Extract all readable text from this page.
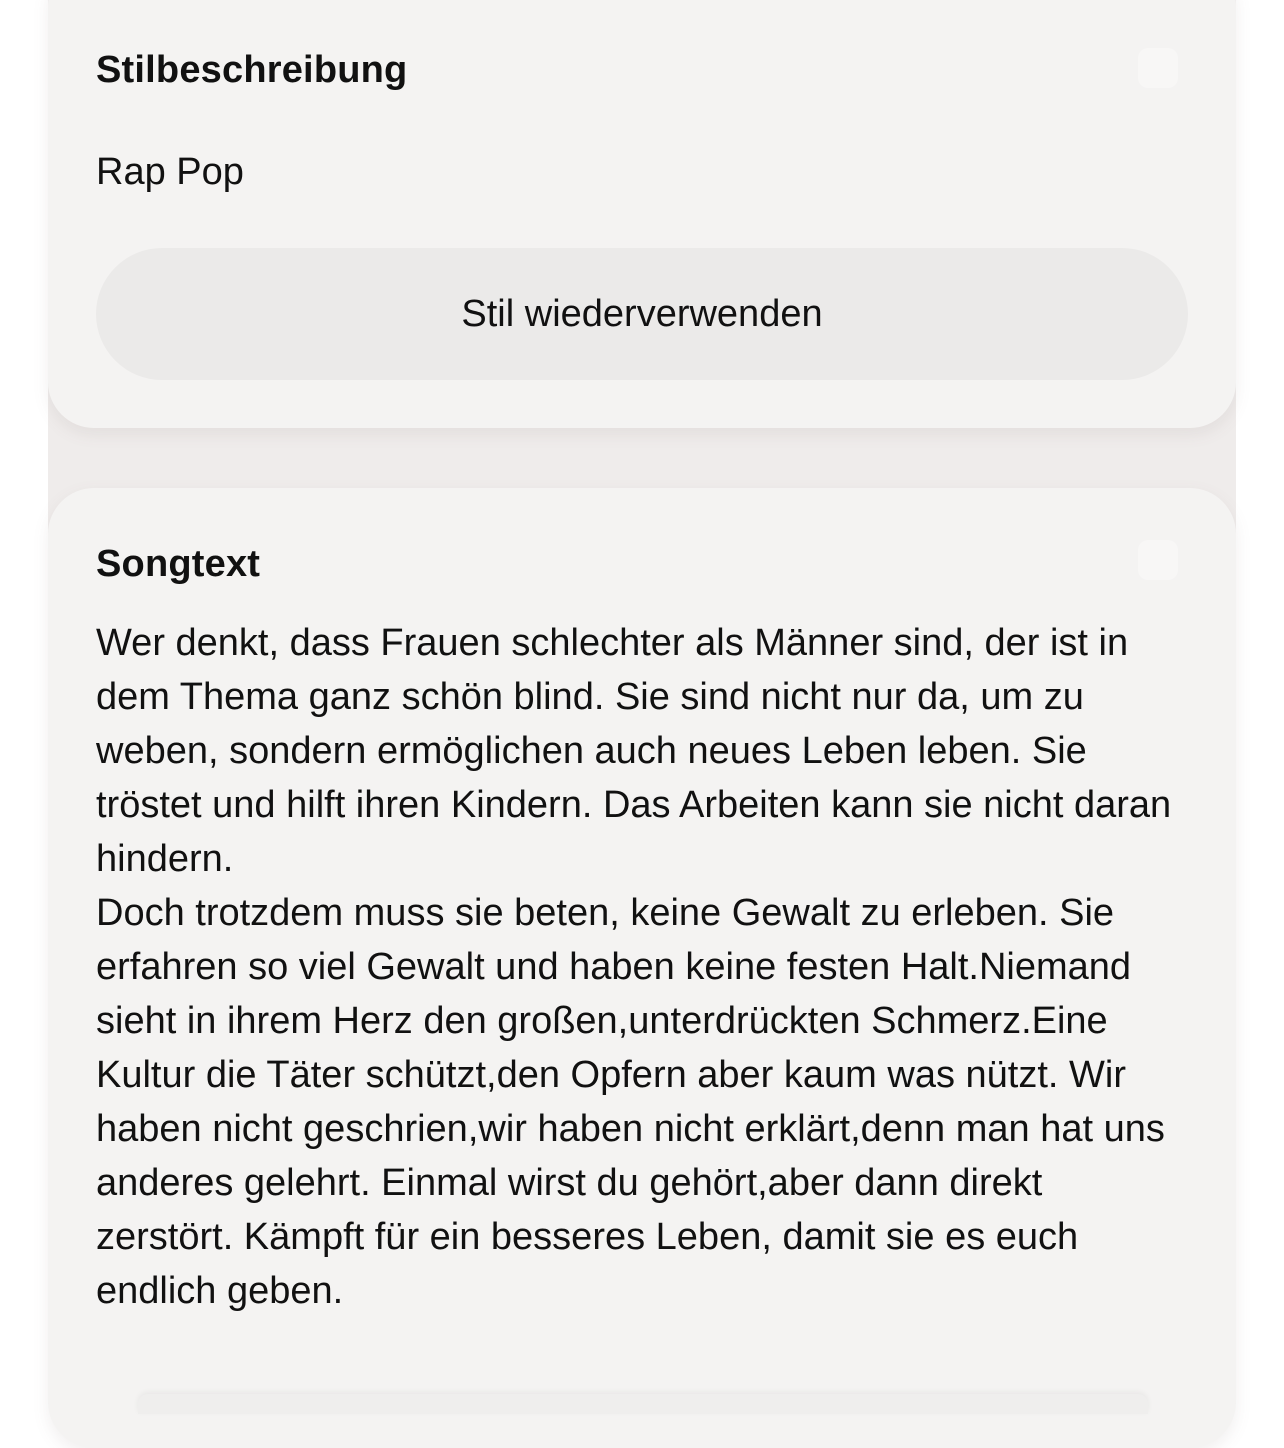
Stilbeschreibung
Rap Pop
Stil wiederverwenden
Songtext

Wer denkt, dass Frauen schlechter als Männer sind, der ist in dem Thema ganz schön blind. Sie sind nicht nur da, um zu weben, sondern ermöglichen auch neues Leben leben. Sie tröstet und hilft ihren Kindern. Das Arbeiten kann sie nicht daran hindern.
Doch trotzdem muss sie beten, keine Gewalt zu erleben. Sie erfahren so viel Gewalt und haben keine festen Halt.Niemand sieht in ihrem Herz den großen,unterdrückten Schmerz.Eine Kultur die Täter schützt,den Opfern aber kaum was nützt. Wir haben nicht geschrien,wir haben nicht erklärt,denn man hat uns anderes gelehrt. Einmal wirst du gehört,aber dann direkt zerstört. Kämpft für ein besseres Leben, damit sie es euch endlich geben.
